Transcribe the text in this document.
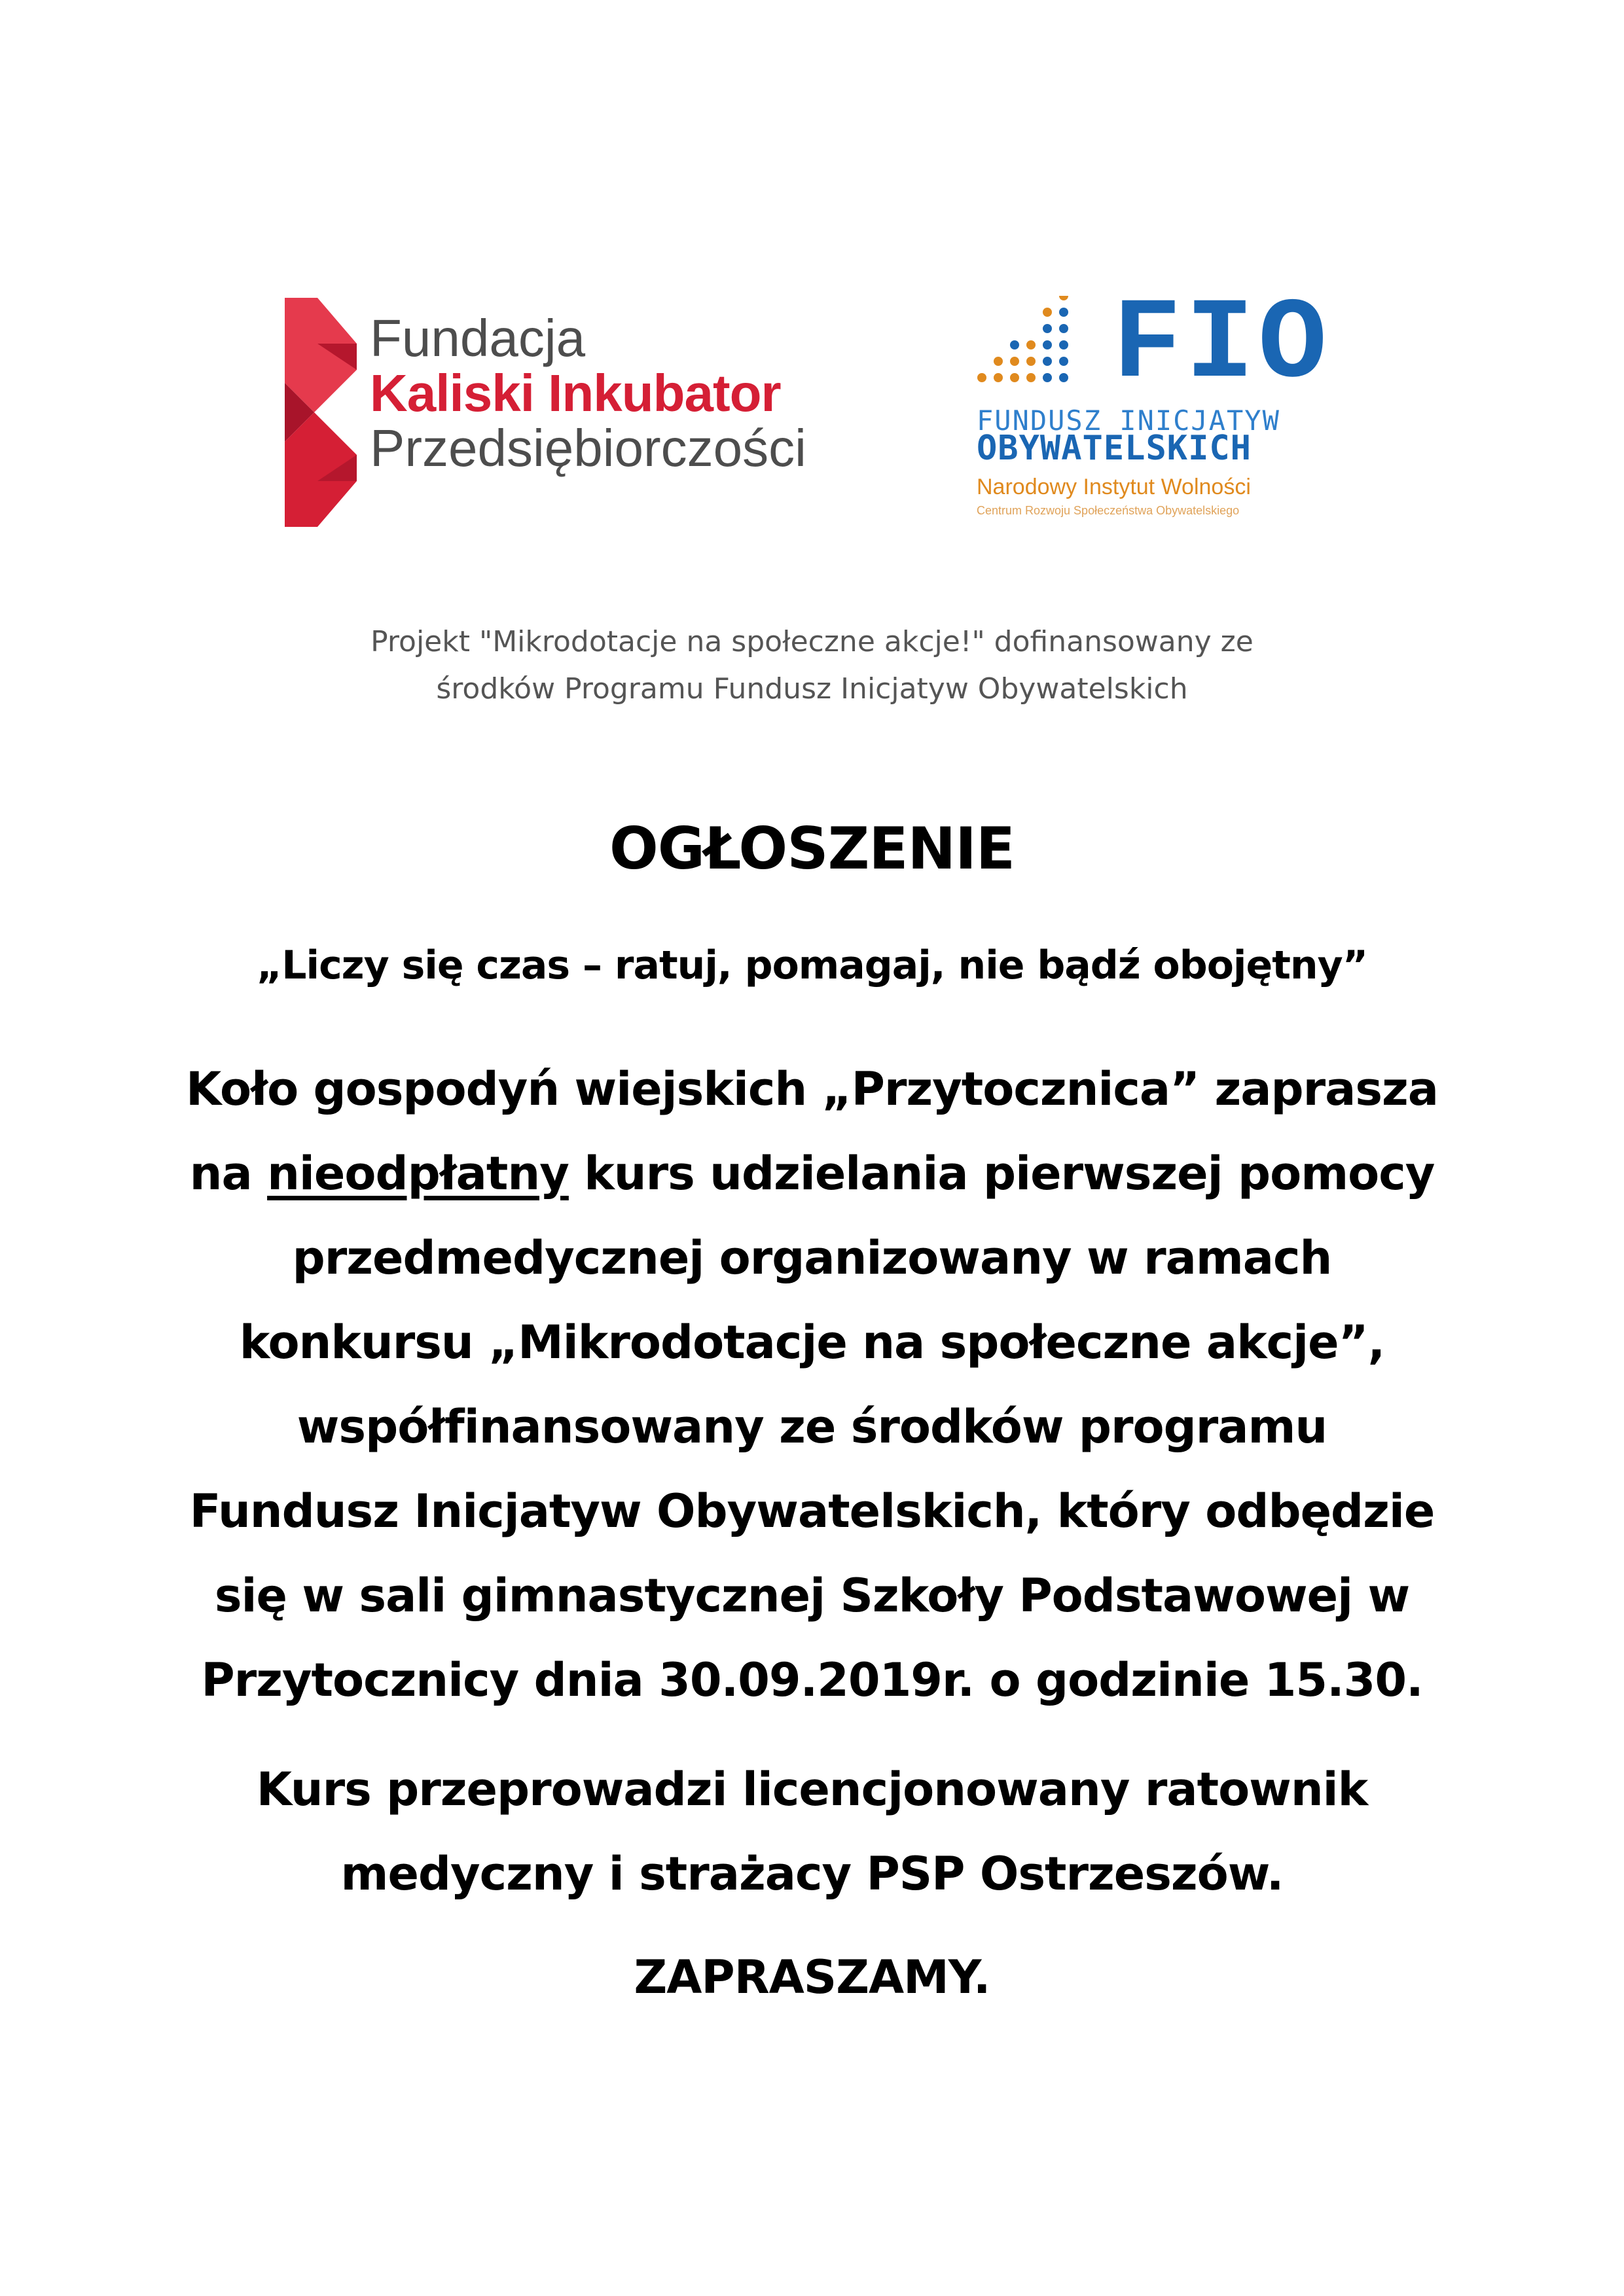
Fundacja
Kaliski Inkubator
Przedsiębiorczości
FIO
FUNDUSZ INICJATYW
OBYWATELSKICH
Narodowy Instytut Wolności
Centrum Rozwoju Społeczeństwa Obywatelskiego
Projekt "Mikrodotacje na społeczne akcje!" dofinansowany ze
środków Programu Fundusz Inicjatyw Obywatelskich
OGŁOSZENIE
„Liczy się czas – ratuj, pomagaj, nie bądź obojętny”
Koło gospodyń wiejskich „Przytocznica” zaprasza
na nieodpłatny kurs udzielania pierwszej pomocy
przedmedycznej organizowany w ramach
konkursu „Mikrodotacje na społeczne akcje”,
współfinansowany ze środków programu
Fundusz Inicjatyw Obywatelskich, który odbędzie
się w sali gimnastycznej Szkoły Podstawowej w
Przytocznicy dnia 30.09.2019r. o godzinie 15.30.
Kurs przeprowadzi licencjonowany ratownik
medyczny i strażacy PSP Ostrzeszów.
ZAPRASZAMY.
